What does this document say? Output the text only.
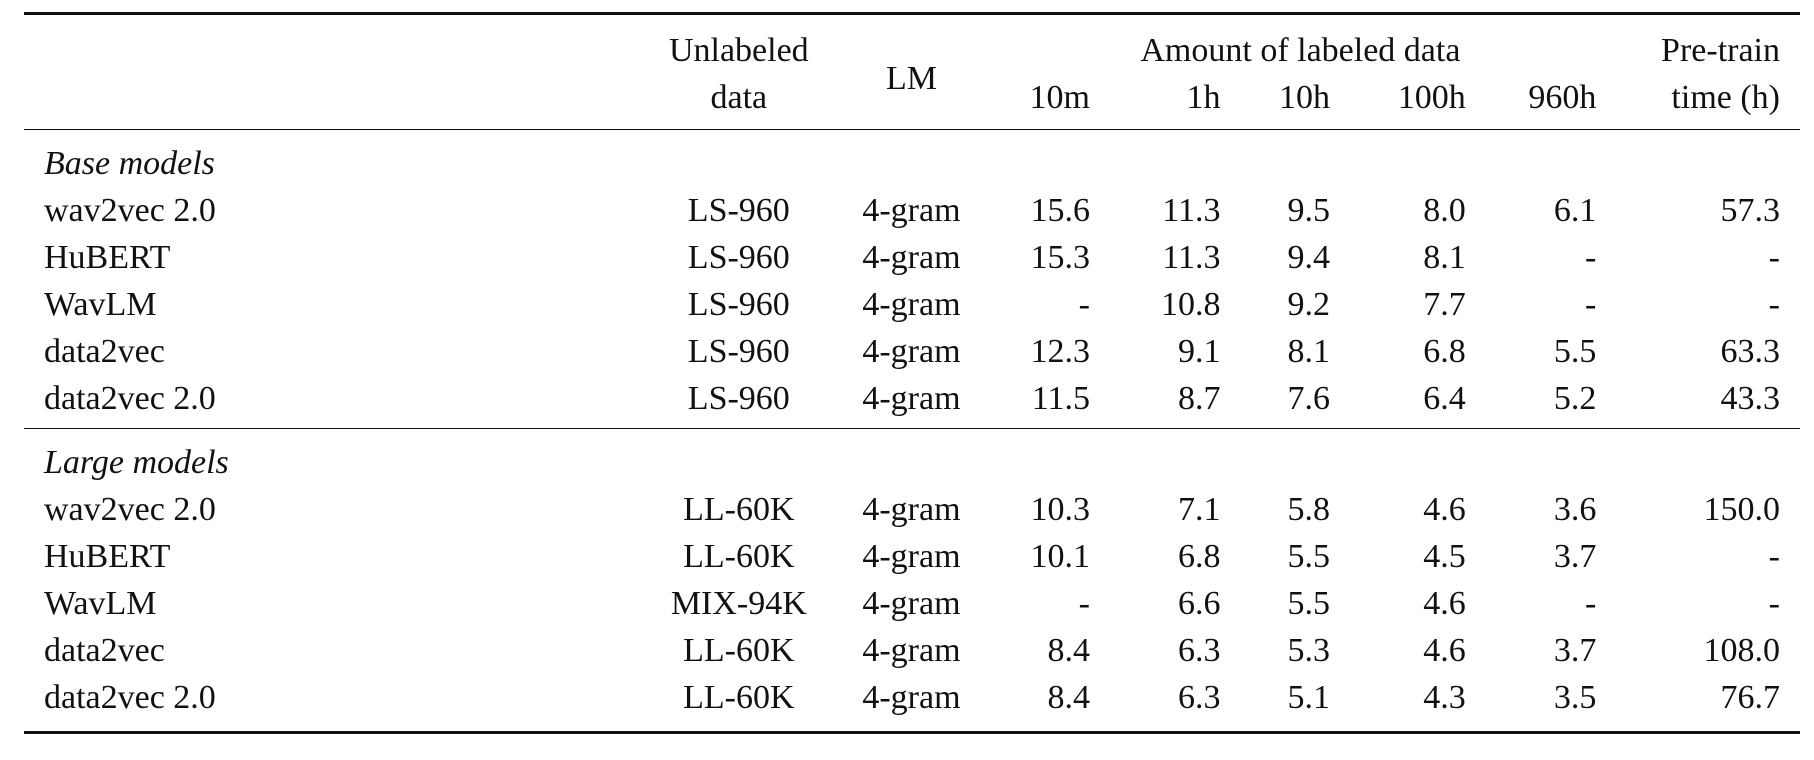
	Unlabeled	LM	Amount of labeled data					Pre-train
	data		10m	1h	10h	100h	960h	time (h)
Base models								
wav2vec 2.0	LS-960	4-gram	15.6	11.3	9.5	8.0	6.1	57.3
HuBERT	LS-960	4-gram	15.3	11.3	9.4	8.1	-	-
WavLM	LS-960	4-gram	-	10.8	9.2	7.7	-	-
data2vec	LS-960	4-gram	12.3	9.1	8.1	6.8	5.5	63.3
data2vec 2.0	LS-960	4-gram	11.5	8.7	7.6	6.4	5.2	43.3
Large models								
wav2vec 2.0	LL-60K	4-gram	10.3	7.1	5.8	4.6	3.6	150.0
HuBERT	LL-60K	4-gram	10.1	6.8	5.5	4.5	3.7	-
WavLM	MIX-94K	4-gram	-	6.6	5.5	4.6	-	-
data2vec	LL-60K	4-gram	8.4	6.3	5.3	4.6	3.7	108.0
data2vec 2.0	LL-60K	4-gram	8.4	6.3	5.1	4.3	3.5	76.7
